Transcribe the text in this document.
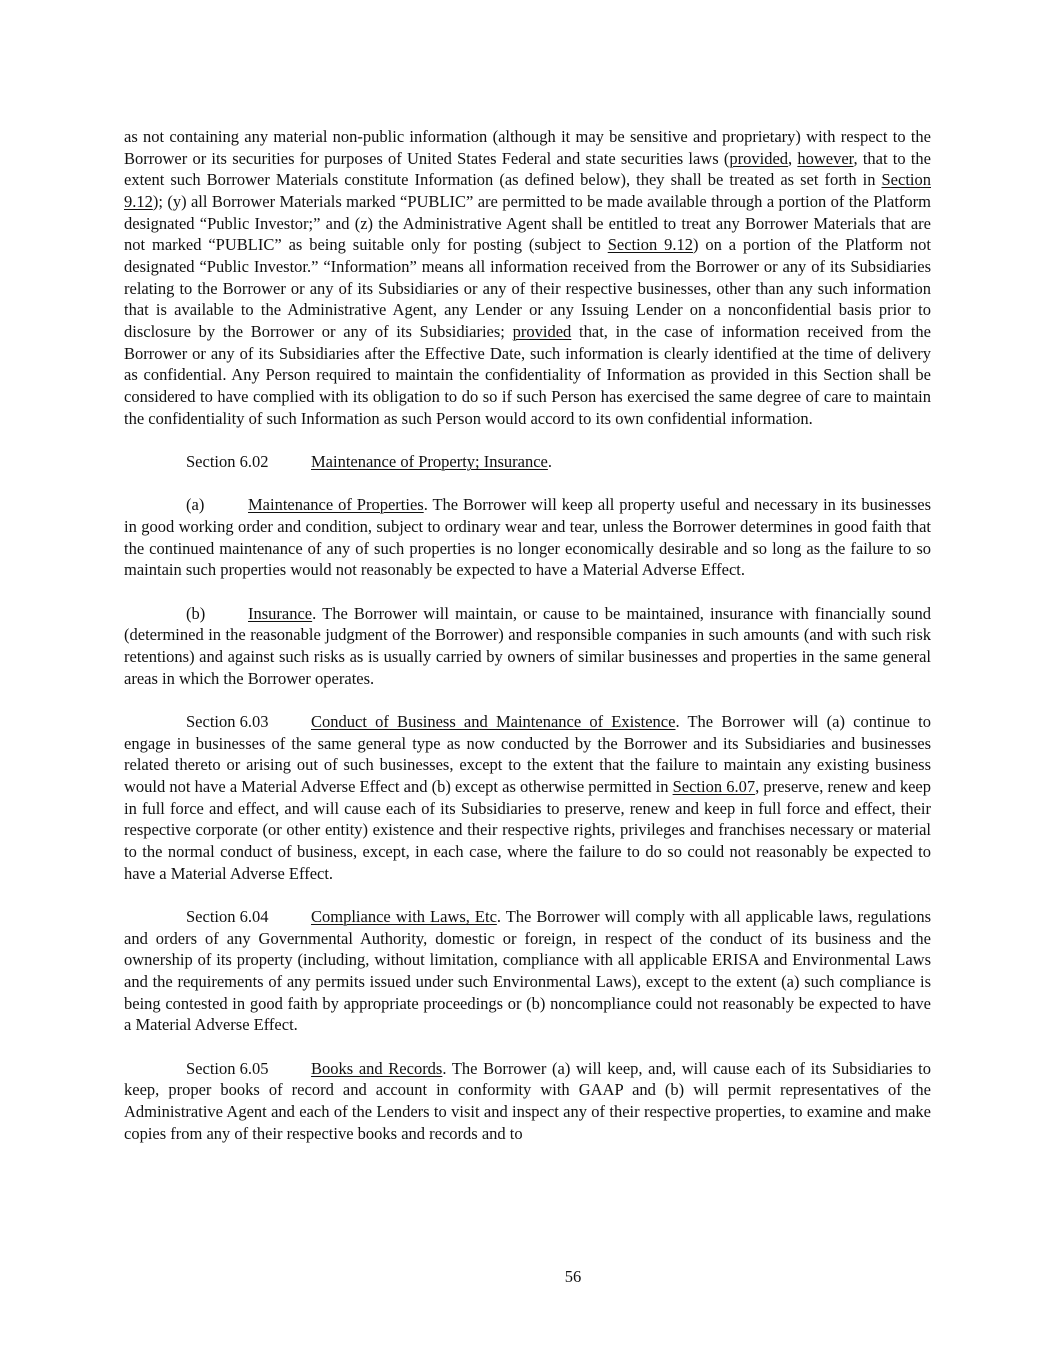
as not containing any material non-public information (although it may be sensitive and proprietary) with respect to the Borrower or its securities for purposes of United States Federal and state securities laws (provided, however, that to the extent such Borrower Materials constitute Information (as defined below), they shall be treated as set forth in Section 9.12); (y) all Borrower Materials marked “PUBLIC” are permitted to be made available through a portion of the Platform designated “Public Investor;” and (z) the Administrative Agent shall be entitled to treat any Borrower Materials that are not marked “PUBLIC” as being suitable only for posting (subject to Section 9.12) on a portion of the Platform not designated “Public Investor.” “Information” means all information received from the Borrower or any of its Subsidiaries relating to the Borrower or any of its Subsidiaries or any of their respective businesses, other than any such information that is available to the Administrative Agent, any Lender or any Issuing Lender on a nonconfidential basis prior to disclosure by the Borrower or any of its Subsidiaries; provided that, in the case of information received from the Borrower or any of its Subsidiaries after the Effective Date, such information is clearly identified at the time of delivery as confidential. Any Person required to maintain the confidentiality of Information as provided in this Section shall be considered to have complied with its obligation to do so if such Person has exercised the same degree of care to maintain the confidentiality of such Information as such Person would accord to its own confidential information.

Section 6.02	Maintenance of Property; Insurance.

(a)	Maintenance of Properties. The Borrower will keep all property useful and necessary in its businesses in good working order and condition, subject to ordinary wear and tear, unless the Borrower determines in good faith that the continued maintenance of any of such properties is no longer economically desirable and so long as the failure to so maintain such properties would not reasonably be expected to have a Material Adverse Effect.

(b)	Insurance. The Borrower will maintain, or cause to be maintained, insurance with financially sound (determined in the reasonable judgment of the Borrower) and responsible companies in such amounts (and with such risk retentions) and against such risks as is usually carried by owners of similar businesses and properties in the same general areas in which the Borrower operates.

Section 6.03	Conduct of Business and Maintenance of Existence. The Borrower will (a) continue to engage in businesses of the same general type as now conducted by the Borrower and its Subsidiaries and businesses related thereto or arising out of such businesses, except to the extent that the failure to maintain any existing business would not have a Material Adverse Effect and (b) except as otherwise permitted in Section 6.07, preserve, renew and keep in full force and effect, and will cause each of its Subsidiaries to preserve, renew and keep in full force and effect, their respective corporate (or other entity) existence and their respective rights, privileges and franchises necessary or material to the normal conduct of business, except, in each case, where the failure to do so could not reasonably be expected to have a Material Adverse Effect.

Section 6.04	Compliance with Laws, Etc. The Borrower will comply with all applicable laws, regulations and orders of any Governmental Authority, domestic or foreign, in respect of the conduct of its business and the ownership of its property (including, without limitation, compliance with all applicable ERISA and Environmental Laws and the requirements of any permits issued under such Environmental Laws), except to the extent (a) such compliance is being contested in good faith by appropriate proceedings or (b) noncompliance could not reasonably be expected to have a Material Adverse Effect.

Section 6.05	Books and Records. The Borrower (a) will keep, and, will cause each of its Subsidiaries to keep, proper books of record and account in conformity with GAAP and (b) will permit representatives of the Administrative Agent and each of the Lenders to visit and inspect any of their respective properties, to examine and make copies from any of their respective books and records and to

56
